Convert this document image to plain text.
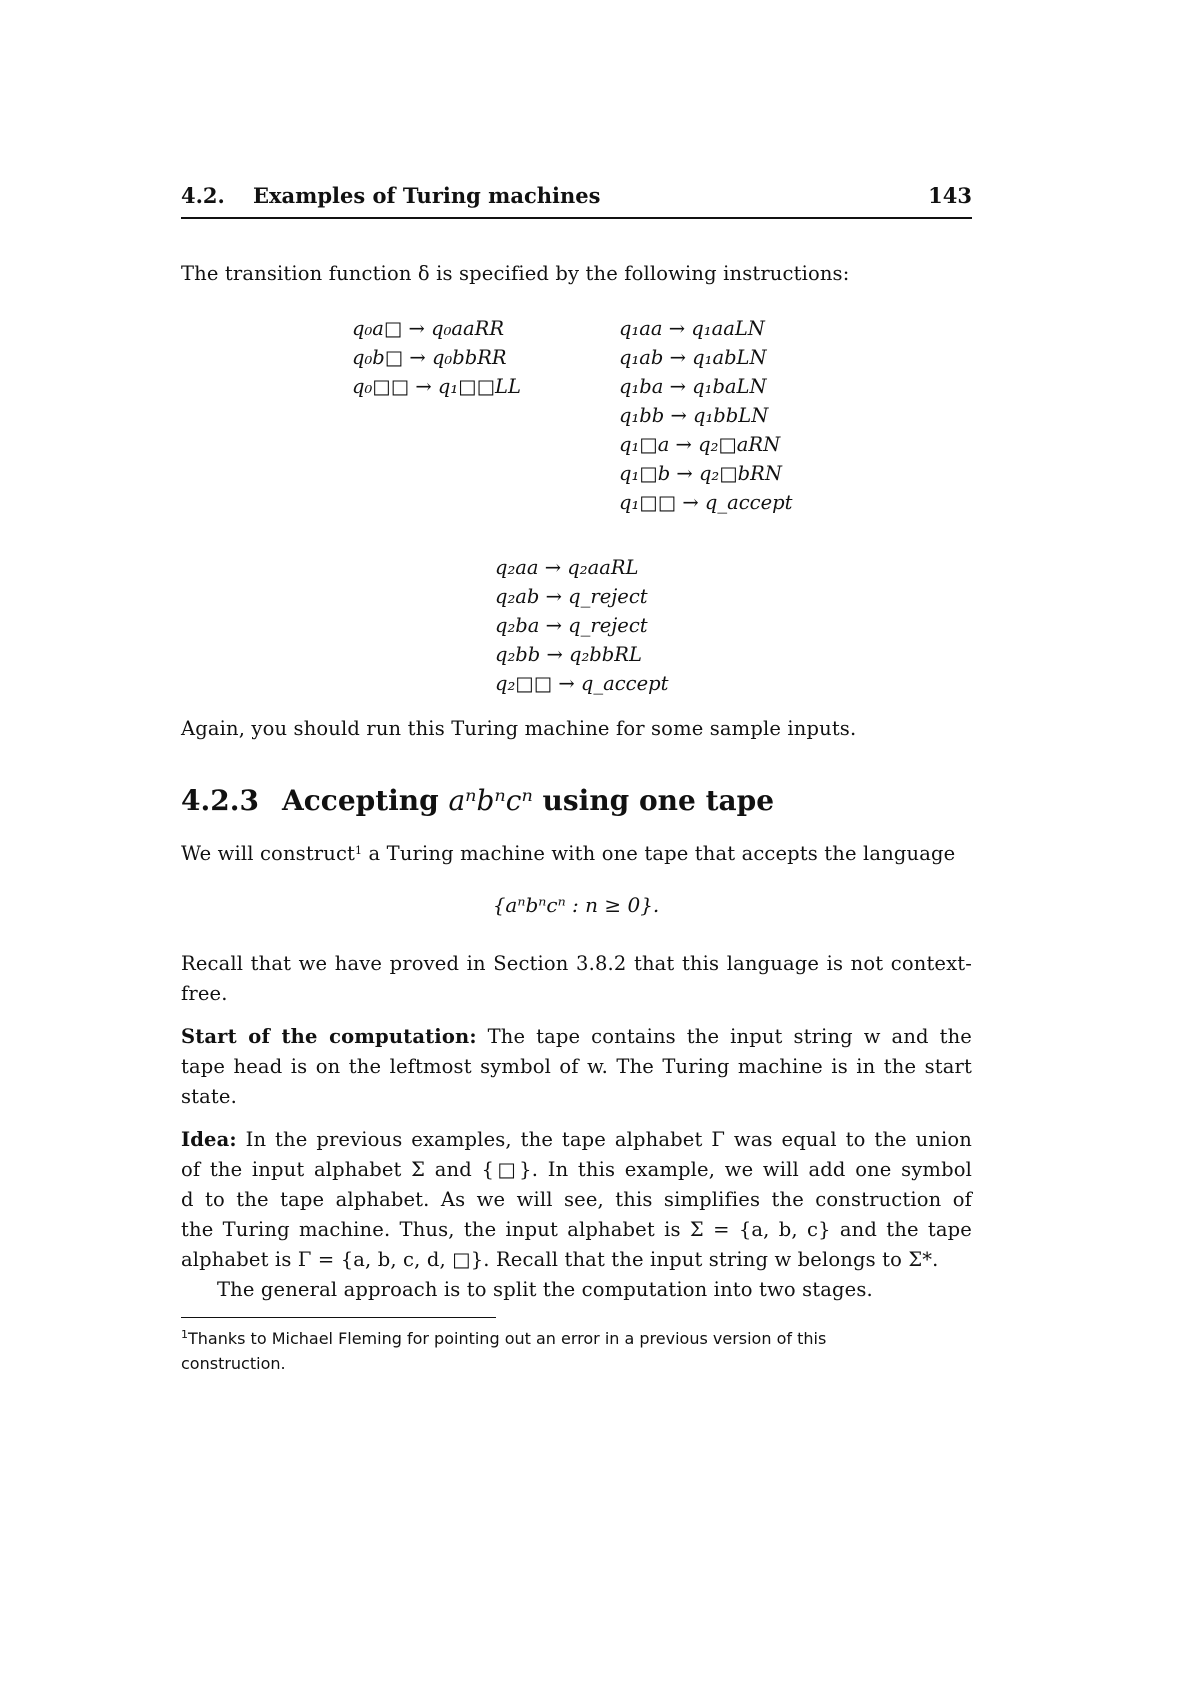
4.2. Examples of Turing machines	143
The transition function δ is specified by the following instructions:
q₀a□ → q₀aaRR
q₀b□ → q₀bbRR
q₀□□ → q₁□□LL
q₁aa → q₁aaLN
q₁ab → q₁abLN
q₁ba → q₁baLN
q₁bb → q₁bbLN
q₁□a → q₂□aRN
q₁□b → q₂□bRN
q₁□□ → q_accept
q₂aa → q₂aaRL
q₂ab → q_reject
q₂ba → q_reject
q₂bb → q₂bbRL
q₂□□ → q_accept
Again, you should run this Turing machine for some sample inputs.
4.2.3 Accepting aⁿbⁿcⁿ using one tape
We will construct$^1$ a Turing machine with one tape that accepts the language
{aⁿbⁿcⁿ : n ≥ 0}.
Recall that we have proved in Section 3.8.2 that this language is not context-
free.
Start of the computation: The tape contains the input string w and the
tape head is on the leftmost symbol of w. The Turing machine is in the start
state.
Idea: In the previous examples, the tape alphabet Γ was equal to the union
of the input alphabet Σ and {□}. In this example, we will add one symbol
d to the tape alphabet. As we will see, this simplifies the construction of
the Turing machine. Thus, the input alphabet is Σ = {a, b, c} and the tape
alphabet is Γ = {a, b, c, d, □}. Recall that the input string w belongs to Σ*.
The general approach is to split the computation into two stages.
$^1$Thanks to Michael Fleming for pointing out an error in a previous version of this
construction.
